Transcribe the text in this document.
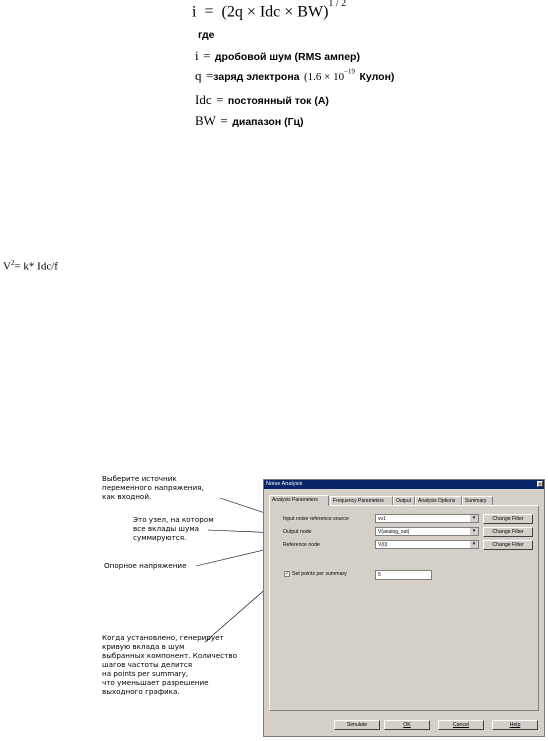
i = (2q × Idc × BW)$^{1 / 2}$
где
i = дробовой шум (RMS ампер)
q =заряд электрона ($1.6 \times 10^{-19}$ Кулон)
Idc = постоянный ток (А)
BW = диапазон (Гц)
$V^2= k*$ Idc/f
Выберите источник
переменного напряжения,
как входной.
Это узел, на котором
все вклады шума
суммируются.
Опорное напряжение
Когда установлено, генерирует
кривую вклада в шум
выбранных компонент. Количество
шагов частоты делится
на points per summary,
что уменьшает разрешение
выходного графика.
Noise Analysis	×
Analysis Parameters	Frequency Parameters	Output	Analysis Options	Summary
Input noise reference source	vv1	▾	Change Filter
Output node	V(analog_out)	▾	Change Filter
Reference node	V(0)	▾	Change Filter
✓ Set points per summary	5
Simulate	OK	Cancel	Help
